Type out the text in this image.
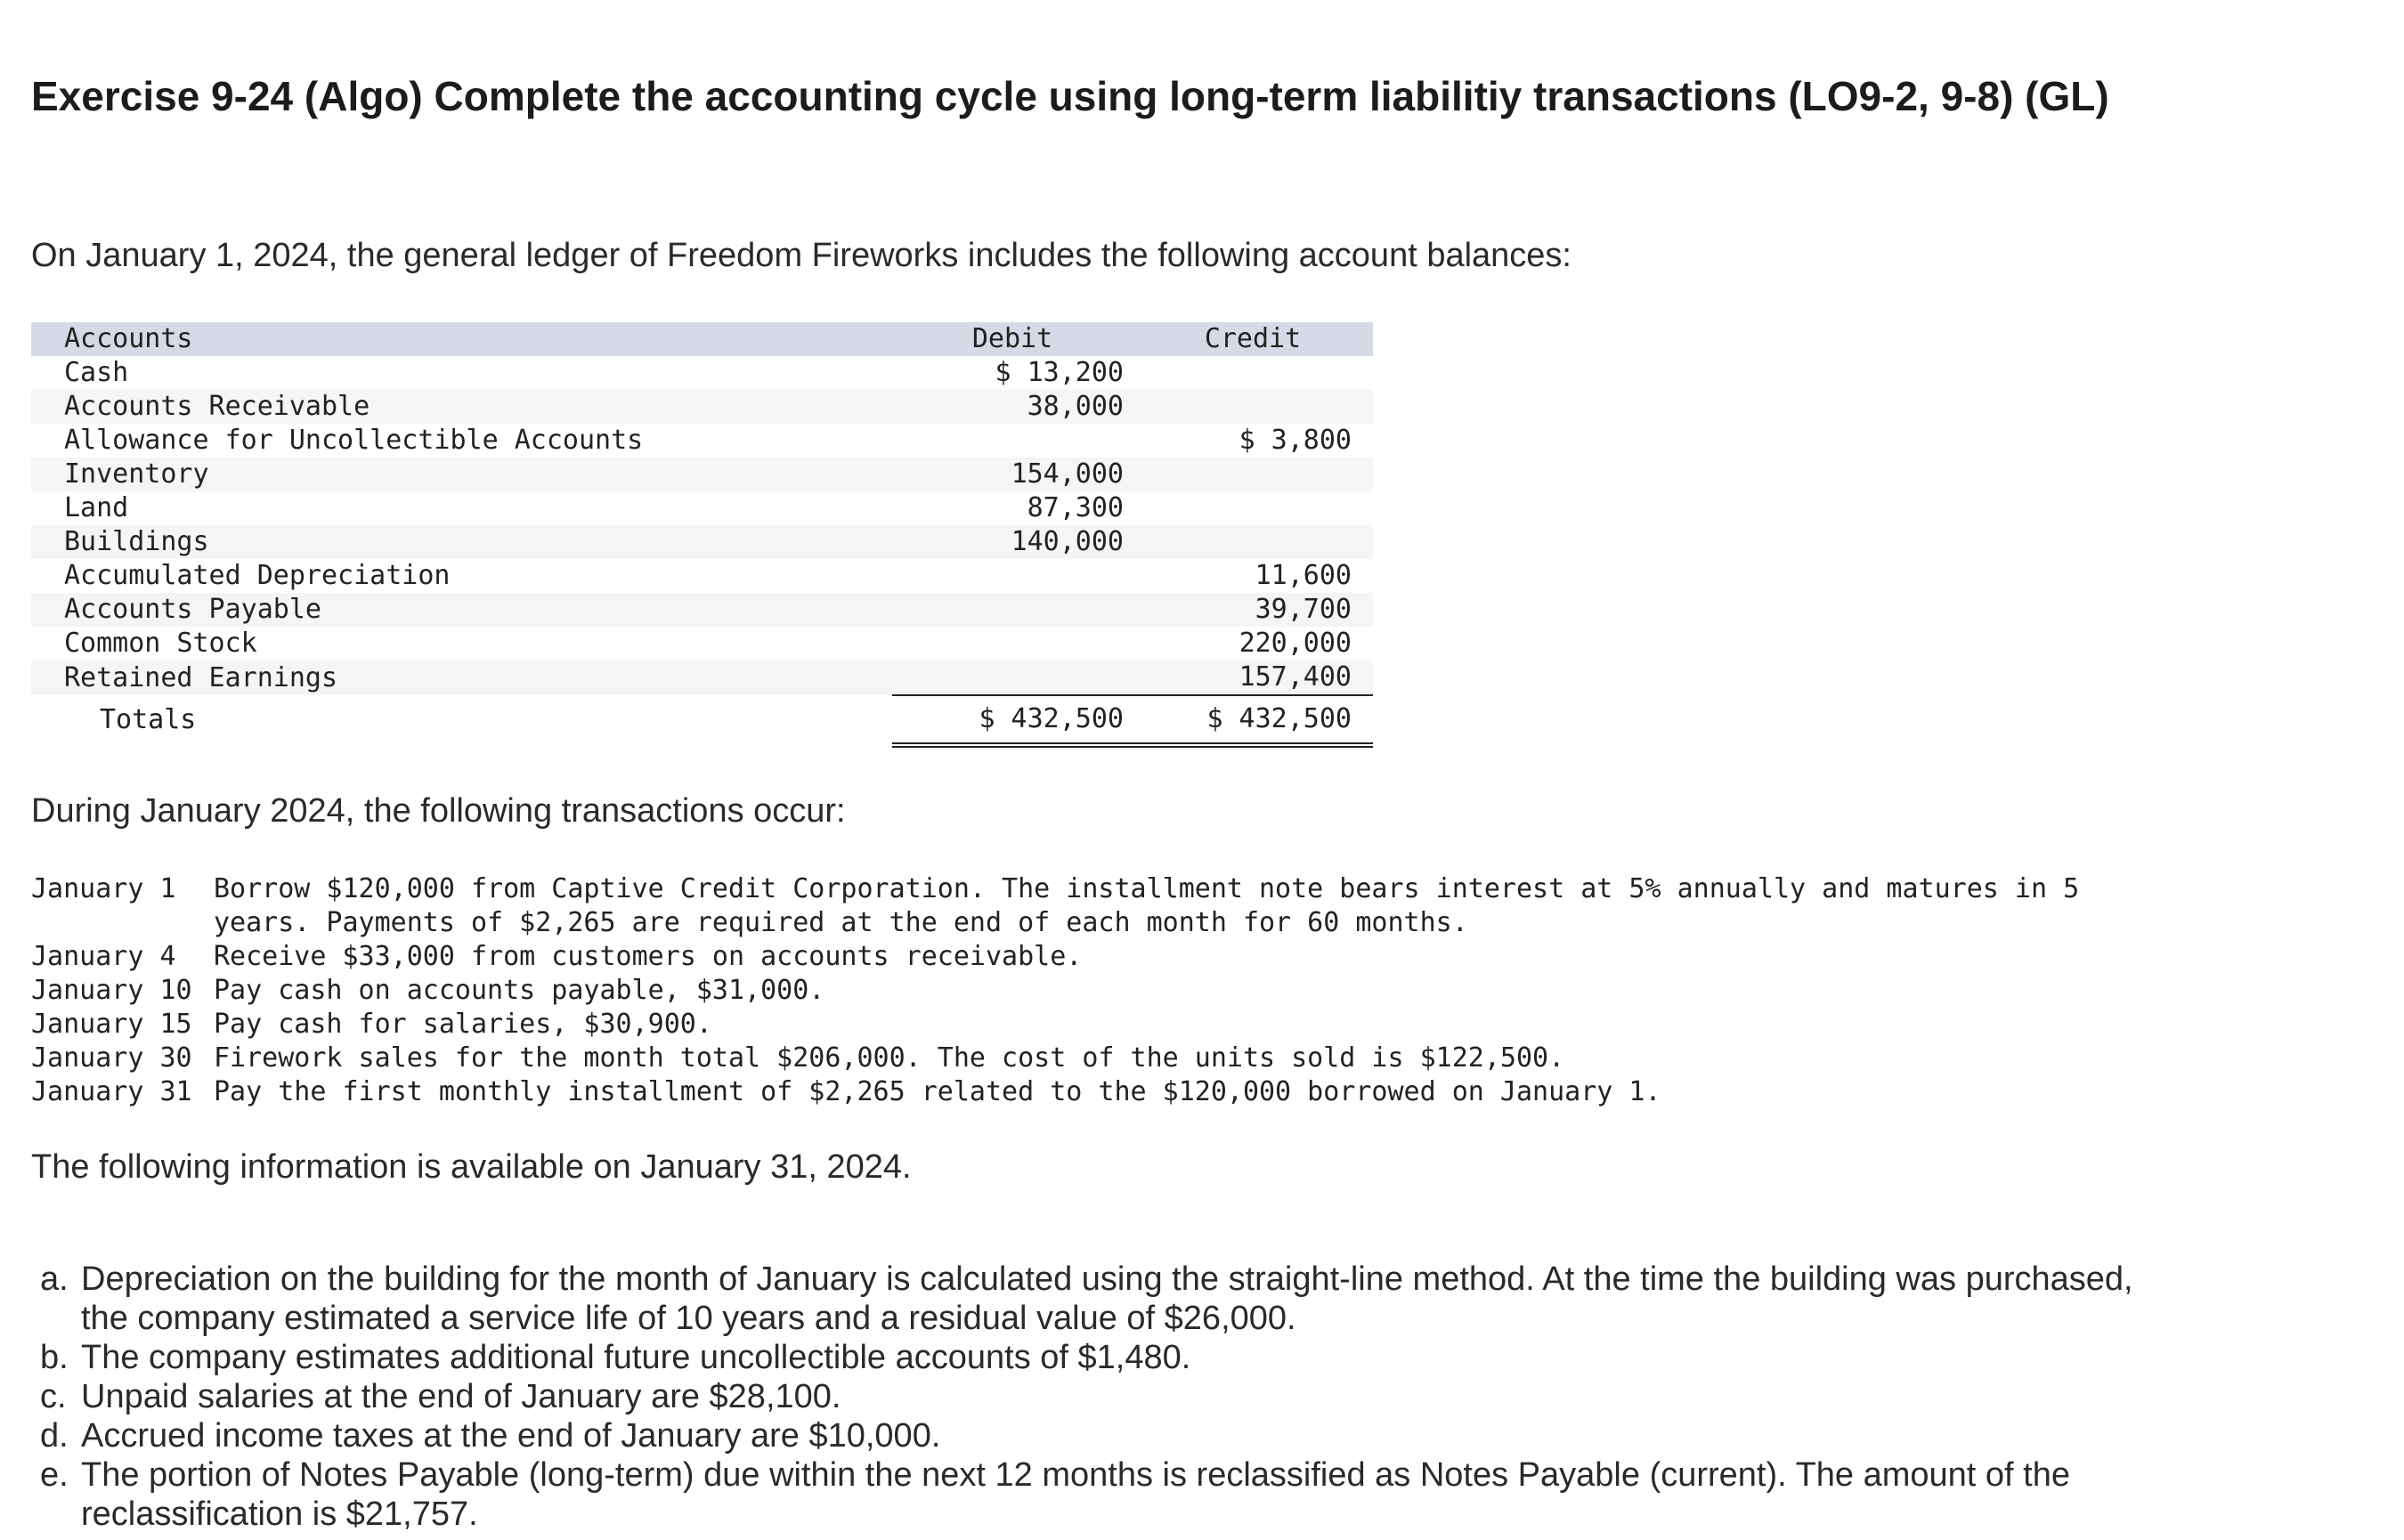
Exercise 9-24 (Algo) Complete the accounting cycle using long-term liabilitiy transactions (LO9-2, 9-8) (GL)

On January 1, 2024, the general ledger of Freedom Fireworks includes the following account balances:

Accounts	Debit	Credit
Cash	$ 13,200	
Accounts Receivable	38,000	
Allowance for Uncollectible Accounts		$ 3,800
Inventory	154,000	
Land	87,300	
Buildings	140,000	
Accumulated Depreciation		11,600
Accounts Payable		39,700
Common Stock		220,000
Retained Earnings		157,400
Totals	$ 432,500	$ 432,500

During January 2024, the following transactions occur:

January 1	Borrow $120,000 from Captive Credit Corporation. The installment note bears interest at 5% annually and matures in 5 years. Payments of $2,265 are required at the end of each month for 60 months.
January 4	Receive $33,000 from customers on accounts receivable.
January 10 Pay cash on accounts payable, $31,000.
January 15 Pay cash for salaries, $30,900.
January 30 Firework sales for the month total $206,000. The cost of the units sold is $122,500.
January 31 Pay the first monthly installment of $2,265 related to the $120,000 borrowed on January 1.

The following information is available on January 31, 2024.

a. Depreciation on the building for the month of January is calculated using the straight-line method. At the time the building was purchased, the company estimated a service life of 10 years and a residual value of $26,000.
b. The company estimates additional future uncollectible accounts of $1,480.
c. Unpaid salaries at the end of January are $28,100.
d. Accrued income taxes at the end of January are $10,000.
e. The portion of Notes Payable (long-term) due within the next 12 months is reclassified as Notes Payable (current). The amount of the reclassification is $21,757.
